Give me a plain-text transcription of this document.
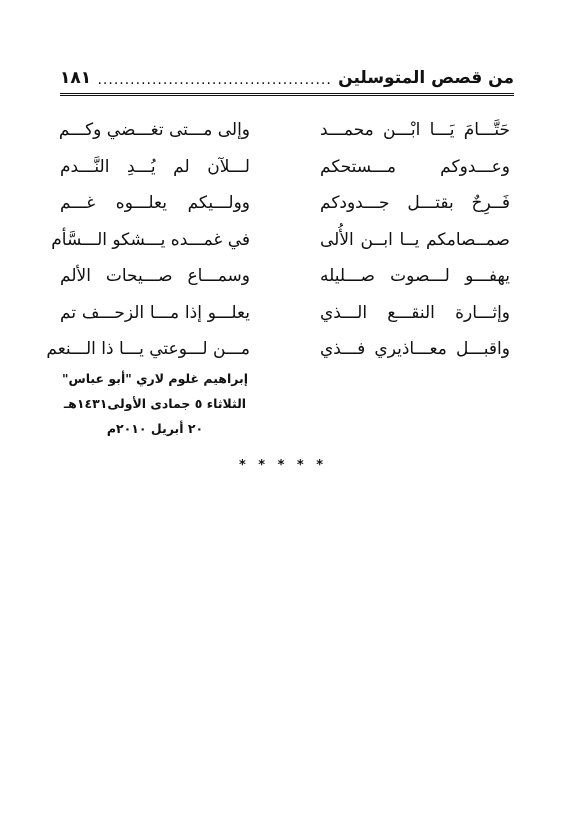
من قصص المتوسلين
...........................................
١٨١
حَتَّـــامَ يَـــا ابْـــن محمـــد
وعـــدوكم مـــستحكم
فَــرِحٌ بقتـــل جـــدودكم
صمــصامكم يــا ابــن الأُلى
يهفـــو لـــصوت صـــليله
وإثـــارة النقـــع الـــذي
واقبـــل معـــاذيري فـــذي
وإلى مـــتى تغـــضي وكـــم
لـــلآن لم يُـــدِ النَّـــدم
وولـــيكم يعلـــوه غـــم
في غمـــده يـــشكو الـــسَّأم
وسمـــاع صـــيحات الألم
يعلـــو إذا مـــا الزحـــف تم
مـــن لـــوعتي يـــا ذا الـــنعم
إبراهيم غلوم لاري "أبو عباس"
الثلاثاء ٥ جمادى الأولى١٤٣١هـ
٢٠ أبريل ٢٠١٠م
* * * * *
